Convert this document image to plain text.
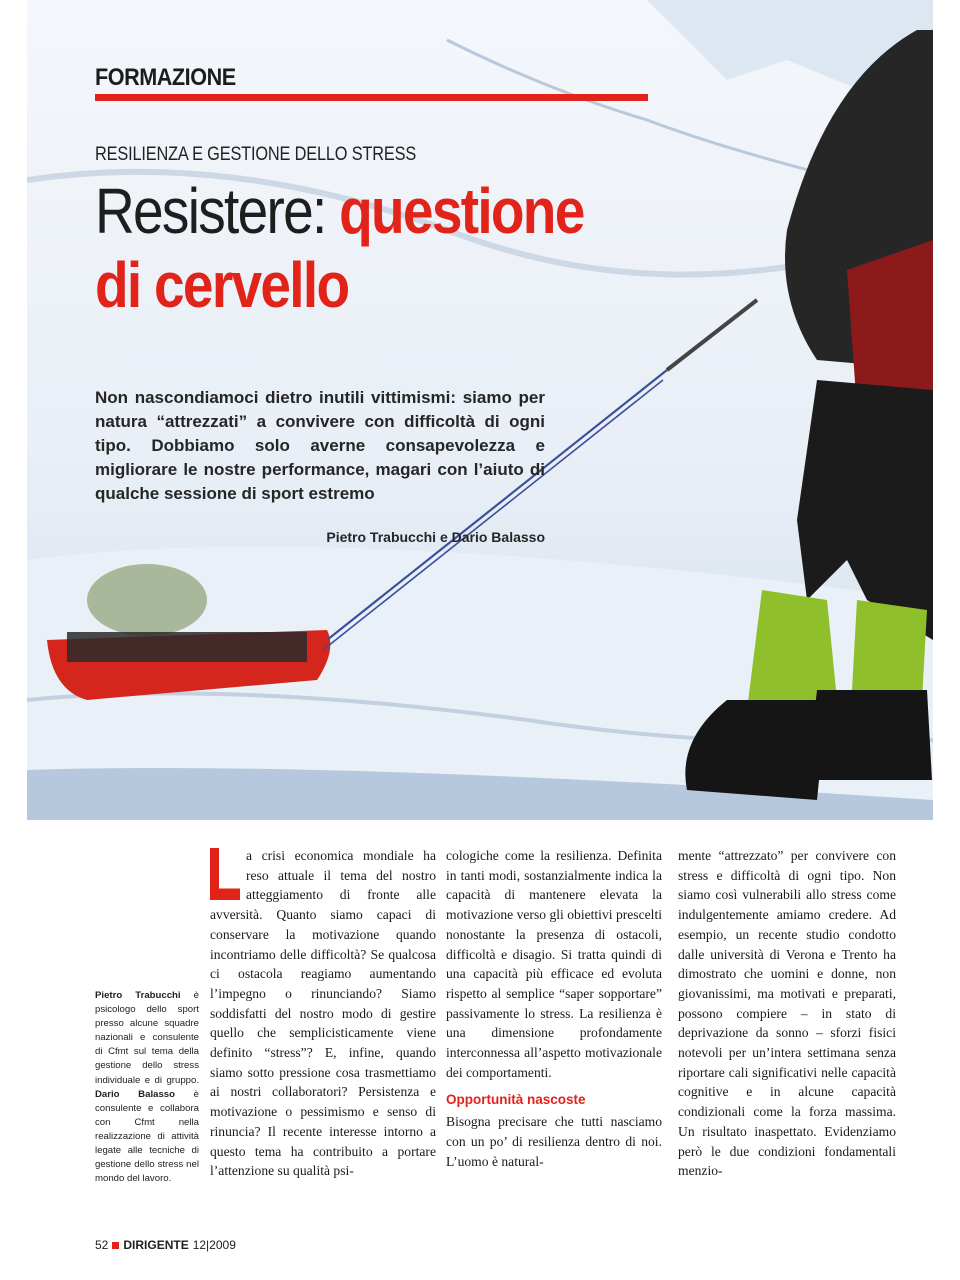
FORMAZIONE
RESILIENZA E GESTIONE DELLO STRESS
Resistere: questione
di cervello
Non nascondiamoci dietro inutili vittimismi: siamo per natura “attrezzati” a convivere con difficoltà di ogni tipo. Dobbiamo solo averne consapevolezza e migliorare le nostre performance, magari con l’aiuto di qualche sessione di sport estremo
Pietro Trabucchi e Dario Balasso
Pietro Trabucchi è psicologo dello sport presso alcune squadre nazionali e consulente di Cfmt sul tema della gestione dello stress individuale e di gruppo. Dario Balasso è consulente e collabora con Cfmt nella realizzazione di attività legate alle tecniche di gestione dello stress nel mondo del lavoro.
a crisi economica mondiale ha reso attuale il tema del nostro atteggiamento di fronte alle avversità. Quanto siamo capaci di conservare la motivazione quando incontriamo delle difficoltà? Se qualcosa ci ostacola reagiamo aumentando l’impegno o rinunciando? Siamo soddisfatti del nostro modo di gestire quello che semplicisticamente viene definito “stress”? E, infine, quando siamo sotto pressione cosa trasmettiamo ai nostri collaboratori? Persistenza e motivazione o pessimismo e senso di rinuncia? Il recente interesse intorno a questo tema ha contribuito a portare l’attenzione su qualità psi-
cologiche come la resilienza. Definita in tanti modi, sostanzialmente indica la capacità di mantenere elevata la motivazione verso gli obiettivi prescelti nonostante la presenza di ostacoli, difficoltà e disagio. Si tratta quindi di una capacità più efficace ed evoluta rispetto al semplice “saper sopportare” passivamente lo stress. La resilienza è una dimensione profondamente interconnessa all’aspetto motivazionale dei comportamenti.
Opportunità nascoste
Bisogna precisare che tutti nasciamo con un po’ di resilienza dentro di noi. L’uomo è natural-
mente “attrezzato” per convivere con stress e difficoltà di ogni tipo. Non siamo così vulnerabili allo stress come indulgentemente amiamo credere. Ad esempio, un recente studio condotto dalle università di Verona e Trento ha dimostrato che uomini e donne, non giovanissimi, ma motivati e preparati, possono compiere – in stato di deprivazione da sonno – sforzi fisici notevoli per un’intera settimana senza riportare cali significativi nelle capacità cognitive e in alcune capacità condizionali come la forza massima. Un risultato inaspettato. Evidenziamo però le due condizioni fondamentali menzio-
52 DIRIGENTE 12|2009
